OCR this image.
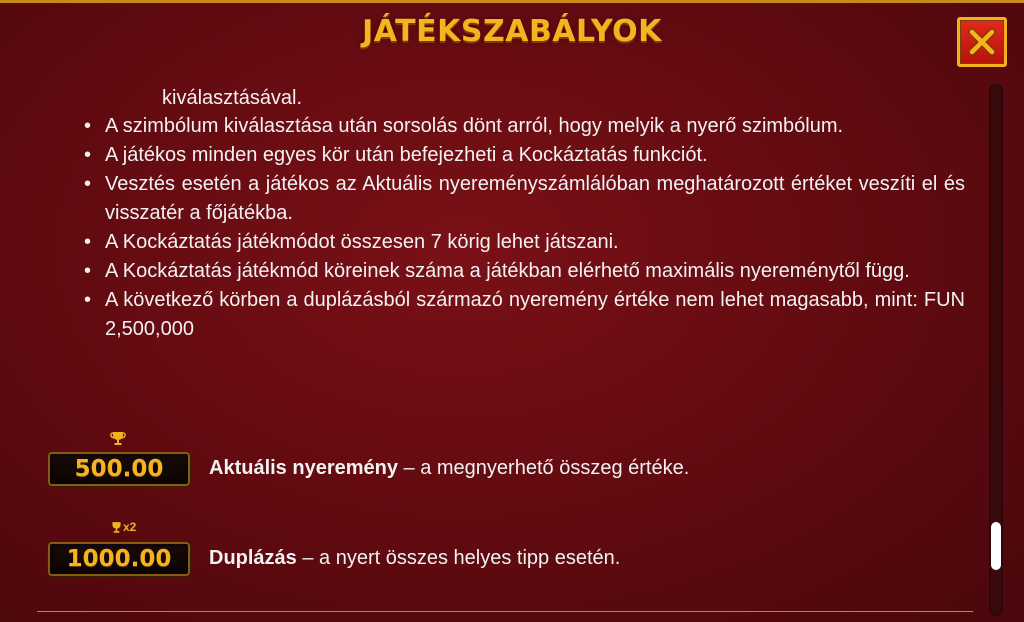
JÁTÉKSZABÁLYOK
kiválasztásával.
• A szimbólum kiválasztása után sorsolás dönt arról, hogy melyik a nyerő szimbólum.
• A játékos minden egyes kör után befejezheti a Kockáztatás funkciót.
• Vesztés esetén a játékos az Aktuális nyereményszámlálóban meghatározott értéket veszíti el és visszatér a főjátékba.
• A Kockáztatás játékmódot összesen 7 körig lehet játszani.
• A Kockáztatás játékmód köreinek száma a játékban elérhető maximális nyereménytől függ.
• A következő körben a duplázásból származó nyeremény értéke nem lehet magasabb, mint: FUN 2,500,000
500.00	Aktuális nyeremény – a megnyerhető összeg értéke.
x2
1000.00	Duplázás – a nyert összes helyes tipp esetén.
